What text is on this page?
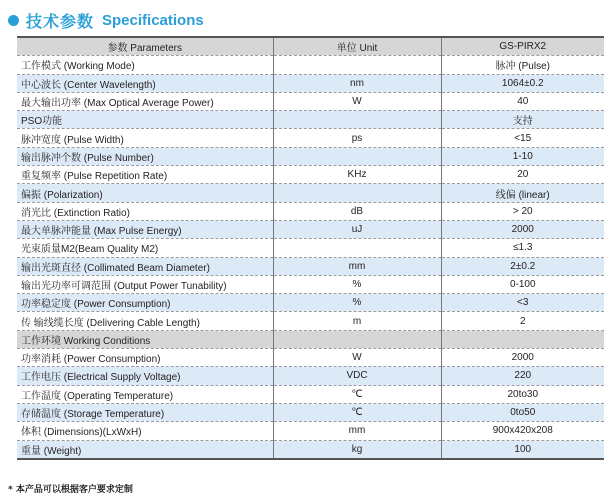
技术参数 Specifications
参数 Parameters	单位 Unit	GS-PIRX2
工作模式 (Working Mode)		脉冲 (Pulse)
中心波长 (Center Wavelength)	nm	1064±0.2
最大输出功率 (Max Optical Average Power)	W	40
PSO功能		支持
脉冲宽度 (Pulse Width)	ps	<15
输出脉冲个数 (Pulse Number)		1-10
重复频率 (Pulse Repetition Rate)	KHz	20
偏振 (Polarization)		线偏 (linear)
消光比 (Extinction Ratio)	dB	> 20
最大单脉冲能量 (Max Pulse Energy)	uJ	2000
光束质量M2(Beam Quality M2)		≤1.3
输出光斑直径 (Collimated Beam Diameter)	mm	2±0.2
输出光功率可调范围 (Output Power Tunability)	%	0-100
功率稳定度 (Power Consumption)	%	<3
传 输线缆长度 (Delivering Cable Length)	m	2
工作环境 Working Conditions		
功率消耗 (Power Consumption)	W	2000
工作电压 (Electrical Supply Voltage)	VDC	220
工作温度 (Operating Temperature)	℃	20to30
存储温度 (Storage Temperature)	℃	0to50
体积 (Dimensions)(LxWxH)	mm	900x420x208
重量 (Weight)	kg	100
* 本产品可以根据客户要求定制
